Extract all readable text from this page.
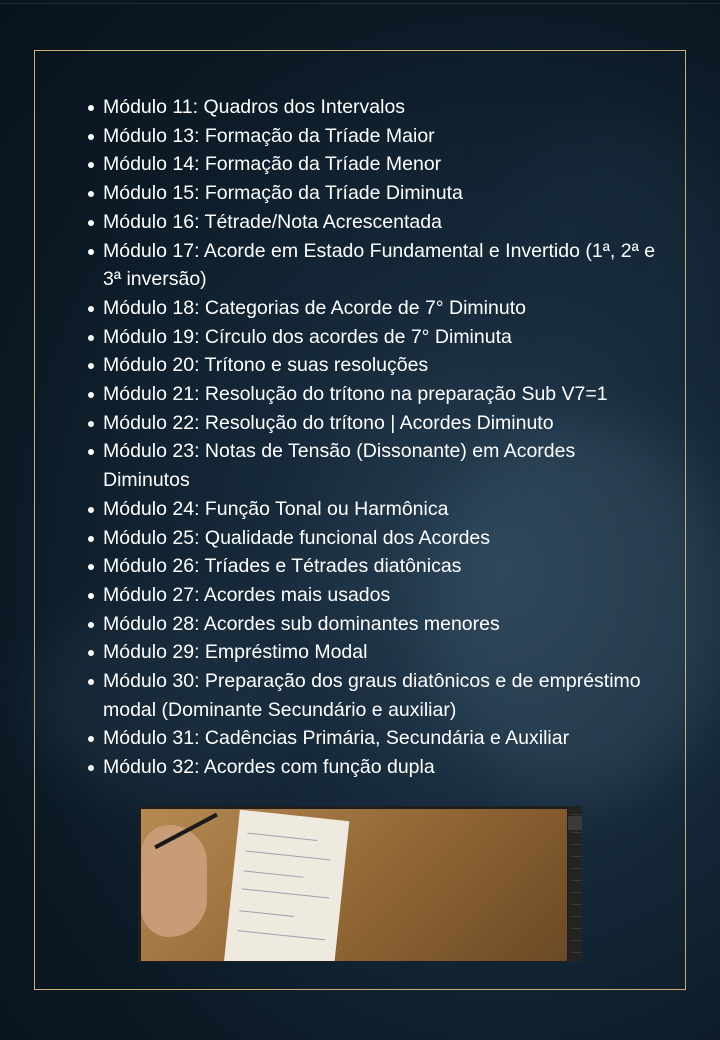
Módulo 11: Quadros dos Intervalos
Módulo 13: Formação da Tríade Maior
Módulo 14: Formação da Tríade Menor
Módulo 15: Formação da Tríade Diminuta
Módulo 16: Tétrade/Nota Acrescentada
Módulo 17: Acorde em Estado Fundamental e Invertido (1ª, 2ª e 3ª inversão)
Módulo 18: Categorias de Acorde de 7° Diminuto
Módulo 19: Círculo dos acordes de 7° Diminuta
Módulo 20: Trítono e suas resoluções
Módulo 21: Resolução do trítono na preparação Sub V7=1
Módulo 22: Resolução do trítono | Acordes Diminuto
Módulo 23: Notas de Tensão (Dissonante) em Acordes Diminutos
Módulo 24: Função Tonal ou Harmônica
Módulo 25: Qualidade funcional dos Acordes
Módulo 26: Tríades e Tétrades diatônicas
Módulo 27: Acordes mais usados
Módulo 28: Acordes sub dominantes menores
Módulo 29: Empréstimo Modal
Módulo 30: Preparação dos graus diatônicos e de empréstimo modal (Dominante Secundário e auxiliar)
Módulo 31: Cadências Primária, Secundária e Auxiliar
Módulo 32: Acordes com função dupla
